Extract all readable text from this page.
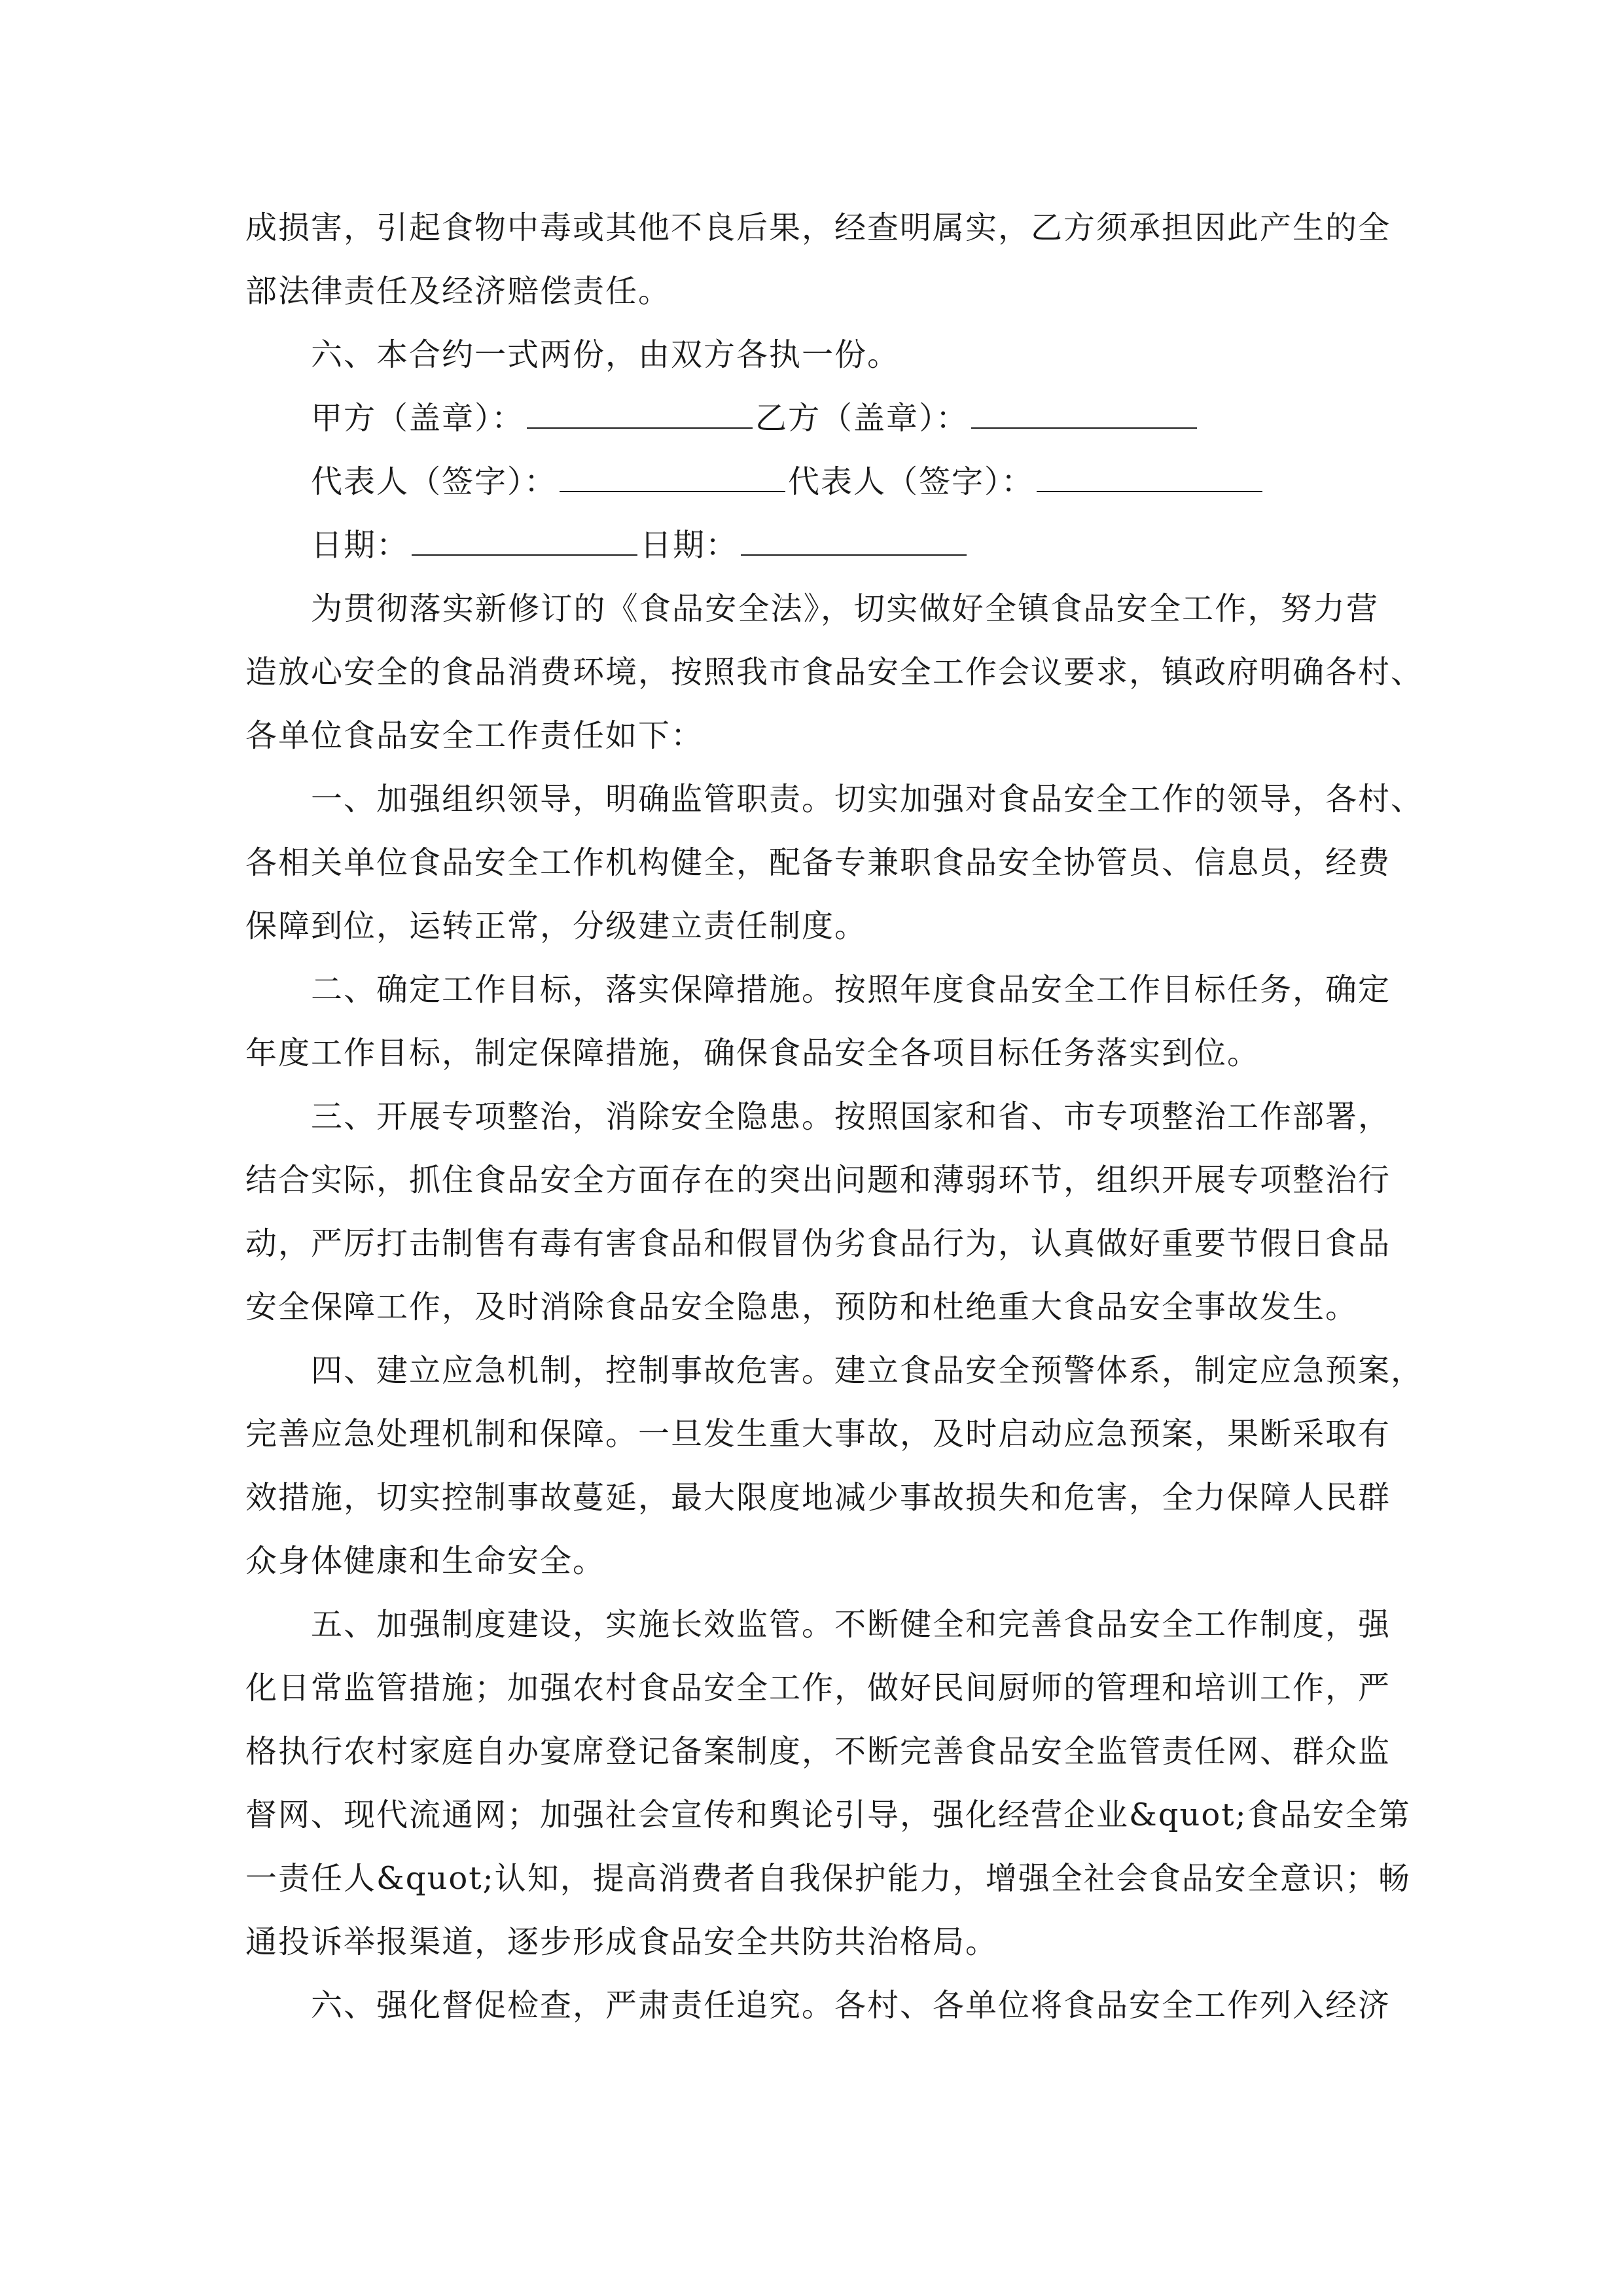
成损害，引起食物中毒或其他不良后果，经查明属实，乙方须承担因此产生的全
部法律责任及经济赔偿责任。
六、本合约一式两份，由双方各执一份。
甲方（盖章）：	乙方（盖章）：
代表人（签字）：	代表人（签字）：
日期：	日期：
为贯彻落实新修订的《食品安全法》，切实做好全镇食品安全工作，努力营
造放心安全的食品消费环境，按照我市食品安全工作会议要求，镇政府明确各村、
各单位食品安全工作责任如下：
一、加强组织领导，明确监管职责。切实加强对食品安全工作的领导，各村、
各相关单位食品安全工作机构健全，配备专兼职食品安全协管员、信息员，经费
保障到位，运转正常，分级建立责任制度。
二、确定工作目标，落实保障措施。按照年度食品安全工作目标任务，确定
年度工作目标，制定保障措施，确保食品安全各项目标任务落实到位。
三、开展专项整治，消除安全隐患。按照国家和省、市专项整治工作部署，
结合实际，抓住食品安全方面存在的突出问题和薄弱环节，组织开展专项整治行
动，严厉打击制售有毒有害食品和假冒伪劣食品行为，认真做好重要节假日食品
安全保障工作，及时消除食品安全隐患，预防和杜绝重大食品安全事故发生。
四、建立应急机制，控制事故危害。建立食品安全预警体系，制定应急预案，
完善应急处理机制和保障。一旦发生重大事故，及时启动应急预案，果断采取有
效措施，切实控制事故蔓延，最大限度地减少事故损失和危害，全力保障人民群
众身体健康和生命安全。
五、加强制度建设，实施长效监管。不断健全和完善食品安全工作制度，强
化日常监管措施；加强农村食品安全工作，做好民间厨师的管理和培训工作，严
格执行农村家庭自办宴席登记备案制度，不断完善食品安全监管责任网、群众监
督网、现代流通网；加强社会宣传和舆论引导，强化经营企业&quot;食品安全第
一责任人&quot;认知，提高消费者自我保护能力，增强全社会食品安全意识；畅
通投诉举报渠道，逐步形成食品安全共防共治格局。
六、强化督促检查，严肃责任追究。各村、各单位将食品安全工作列入经济
